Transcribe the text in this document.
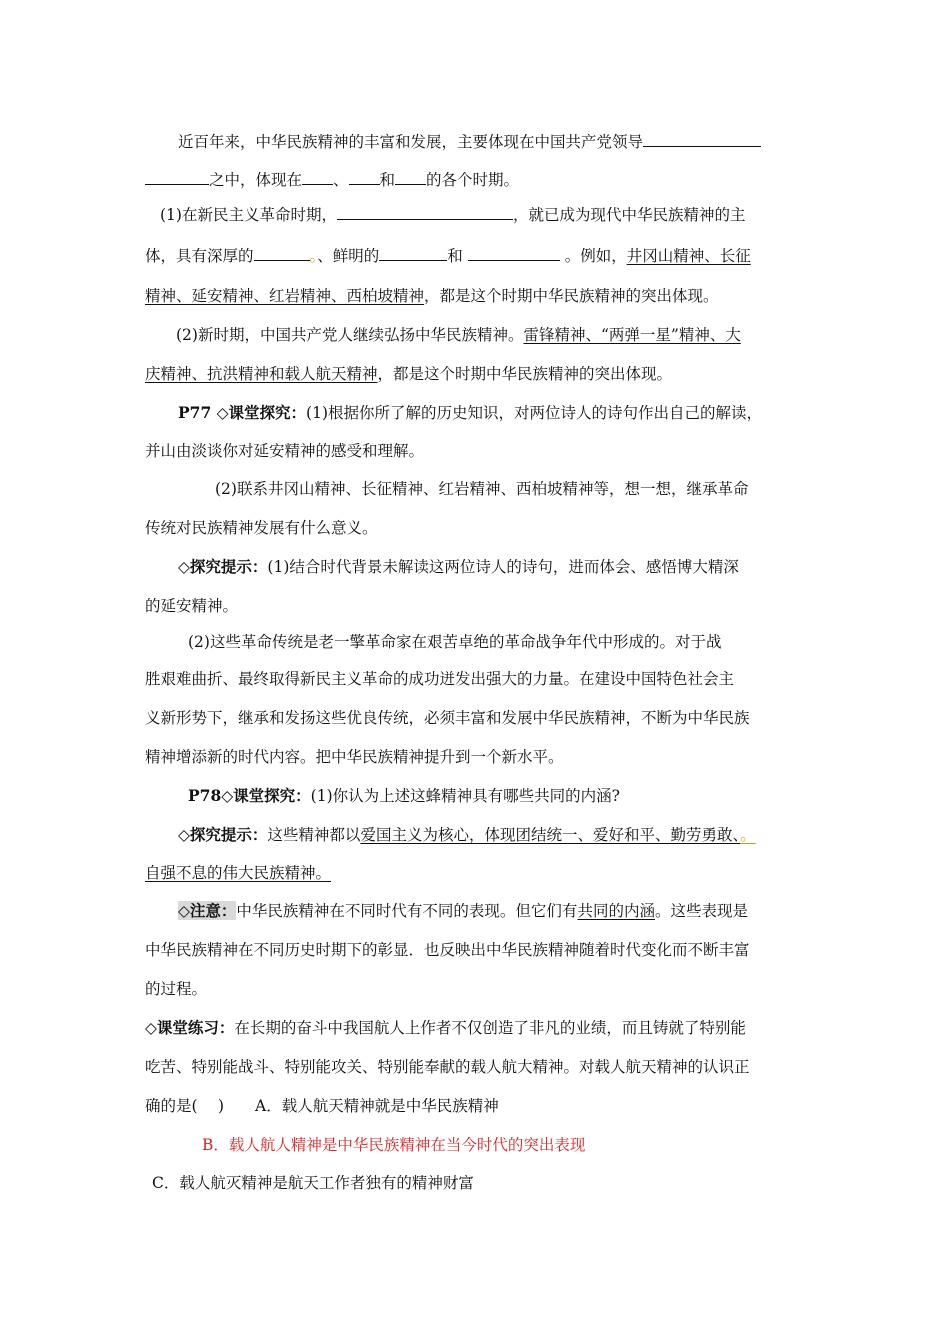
近百年来，中华民族精神的丰富和发展，主要体现在中国共产党领导
之中，体现在 、 和 的各个时期。
(1)在新民主义革命时期，	，就已成为现代中华民族精神的主
体，具有深厚的	。、鲜明的	和	。例如，井冈山精神、长征
精神、延安精神、红岩精神、西柏坡精神，都是这个时期中华民族精神的突出体现。
(2)新时期，中国共产党人继续弘扬中华民族精神。雷锋精神、“两弹一星”精神、大
庆精神、抗洪精神和载人航天精神，都是这个时期中华民族精神的突出体现。
P77 ◇课堂探究：(1)根据你所了解的历史知识，对两位诗人的诗句作出自己的解读，
并山由淡谈你对延安精神的感受和理解。
(2)联系井冈山精神、长征精神、红岩精神、西柏坡精神等，想一想，继承革命
传统对民族精神发展有什么意义。
◇探究提示：(1)结合时代背景未解读这两位诗人的诗句，进而体会、感悟博大精深
的延安精神。
(2)这些革命传统是老一擎革命家在艰苦卓绝的革命战争年代中形成的。对于战
胜艰难曲折、最终取得新民主义革命的成功迸发出强大的力量。在建设中国特色社会主
义新形势下，继承和发扬这些优良传统，必须丰富和发展中华民族精神，不断为中华民族
精神增添新的时代内容。把中华民族精神提升到一个新水平。
P78◇课堂探究：(1)你认为上述这蜂精神具有哪些共同的内涵?
◇探究提示：这些精神都以爱国主义为核心，体现团结统一、爱好和平、勤劳勇敢、。
自强不息的伟大民族精神。
◇注意：中华民族精神在不同时代有不同的表现。但它们有共同的内涵。这些表现是
中华民族精神在不同历史时期下的彰显．也反映出中华民族精神随着时代变化而不断丰富
的过程。
◇课堂练习：在长期的奋斗中我国航人上作者不仅创造了非凡的业绩，而且铸就了特别能
吃苦、特别能战斗、特别能攻关、特别能奉献的载人航大精神。对载人航天精神的认识正
确的是(　 )　　A．载人航天精神就是中华民族精神
B．载人航人精神是中华民族精神在当今时代的突出表现
C．载人航灭精神是航天工作者独有的精神财富
